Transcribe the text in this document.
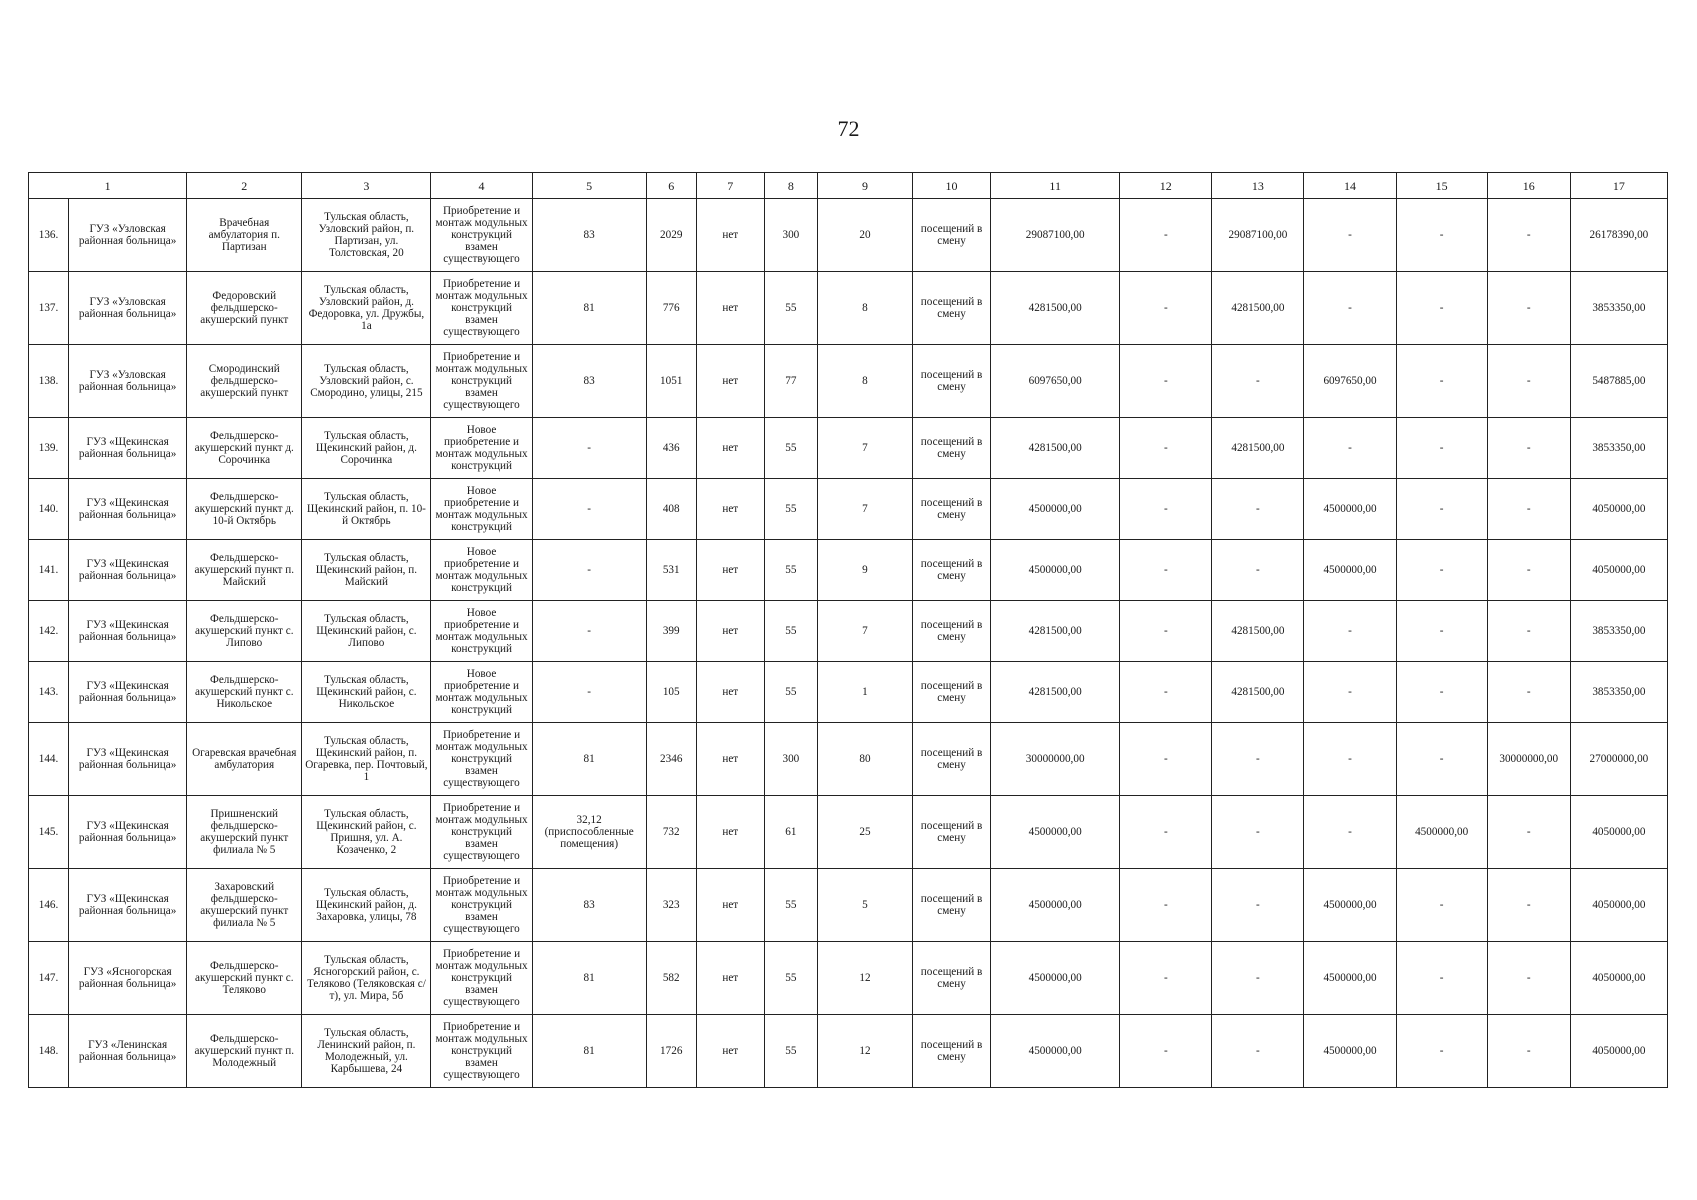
72
1		2	3	4	5	6	7	8	9	10	11	12	13	14	15	16	17
136.	ГУЗ «Узловская районная больница»	Врачебная амбулатория п. Партизан	Тульская область, Узловский район, п. Партизан, ул. Толстовская, 20	Приобретение и монтаж модульных конструкций взамен существующего	83	2029	нет	300	20	посещений в смену	29087100,00	-	29087100,00	-	-	-	26178390,00
137.	ГУЗ «Узловская районная больница»	Федоровский фельдшерско-акушерский пункт	Тульская область, Узловский район, д. Федоровка, ул. Дружбы, 1а	Приобретение и монтаж модульных конструкций взамен существующего	81	776	нет	55	8	посещений в смену	4281500,00	-	4281500,00	-	-	-	3853350,00
138.	ГУЗ «Узловская районная больница»	Смородинский фельдшерско-акушерский пункт	Тульская область, Узловский район, с. Смородино, улицы, 215	Приобретение и монтаж модульных конструкций взамен существующего	83	1051	нет	77	8	посещений в смену	6097650,00	-	-	6097650,00	-	-	5487885,00
139.	ГУЗ «Щекинская районная больница»	Фельдшерско-акушерский пункт д. Сорочинка	Тульская область, Щекинский район, д. Сорочинка	Новое приобретение и монтаж модульных конструкций	-	436	нет	55	7	посещений в смену	4281500,00	-	4281500,00	-	-	-	3853350,00
140.	ГУЗ «Щекинская районная больница»	Фельдшерско-акушерский пункт д. 10-й Октябрь	Тульская область, Щекинский район, п. 10-й Октябрь	Новое приобретение и монтаж модульных конструкций	-	408	нет	55	7	посещений в смену	4500000,00	-	-	4500000,00	-	-	4050000,00
141.	ГУЗ «Щекинская районная больница»	Фельдшерско-акушерский пункт п. Майский	Тульская область, Щекинский район, п. Майский	Новое приобретение и монтаж модульных конструкций	-	531	нет	55	9	посещений в смену	4500000,00	-	-	4500000,00	-	-	4050000,00
142.	ГУЗ «Щекинская районная больница»	Фельдшерско-акушерский пункт с. Липово	Тульская область, Щекинский район, с. Липово	Новое приобретение и монтаж модульных конструкций	-	399	нет	55	7	посещений в смену	4281500,00	-	4281500,00	-	-	-	3853350,00
143.	ГУЗ «Щекинская районная больница»	Фельдшерско-акушерский пункт с. Никольское	Тульская область, Щекинский район, с. Никольское	Новое приобретение и монтаж модульных конструкций	-	105	нет	55	1	посещений в смену	4281500,00	-	4281500,00	-	-	-	3853350,00
144.	ГУЗ «Щекинская районная больница»	Огаревская врачебная амбулатория	Тульская область, Щекинский район, п. Огаревка, пер. Почтовый, 1	Приобретение и монтаж модульных конструкций взамен существующего	81	2346	нет	300	80	посещений в смену	30000000,00	-	-	-	-	30000000,00	27000000,00
145.	ГУЗ «Щекинская районная больница»	Пришненский фельдшерско-акушерский пункт филиала № 5	Тульская область, Щекинский район, с. Пришня, ул. А. Козаченко, 2	Приобретение и монтаж модульных конструкций взамен существующего	32,12 (приспособленные помещения)	732	нет	61	25	посещений в смену	4500000,00	-	-	-	4500000,00	-	4050000,00
146.	ГУЗ «Щекинская районная больница»	Захаровский фельдшерско-акушерский пункт филиала № 5	Тульская область, Щекинский район, д. Захаровка, улицы, 78	Приобретение и монтаж модульных конструкций взамен существующего	83	323	нет	55	5	посещений в смену	4500000,00	-	-	4500000,00	-	-	4050000,00
147.	ГУЗ «Ясногорская районная больница»	Фельдшерско-акушерский пункт с. Теляково	Тульская область, Ясногорский район, с. Теляково (Теляковская с/т), ул. Мира, 5б	Приобретение и монтаж модульных конструкций взамен существующего	81	582	нет	55	12	посещений в смену	4500000,00	-	-	4500000,00	-	-	4050000,00
148.	ГУЗ «Ленинская районная больница»	Фельдшерско-акушерский пункт п. Молодежный	Тульская область, Ленинский район, п. Молодежный, ул. Карбышева, 24	Приобретение и монтаж модульных конструкций взамен существующего	81	1726	нет	55	12	посещений в смену	4500000,00	-	-	4500000,00	-	-	4050000,00
